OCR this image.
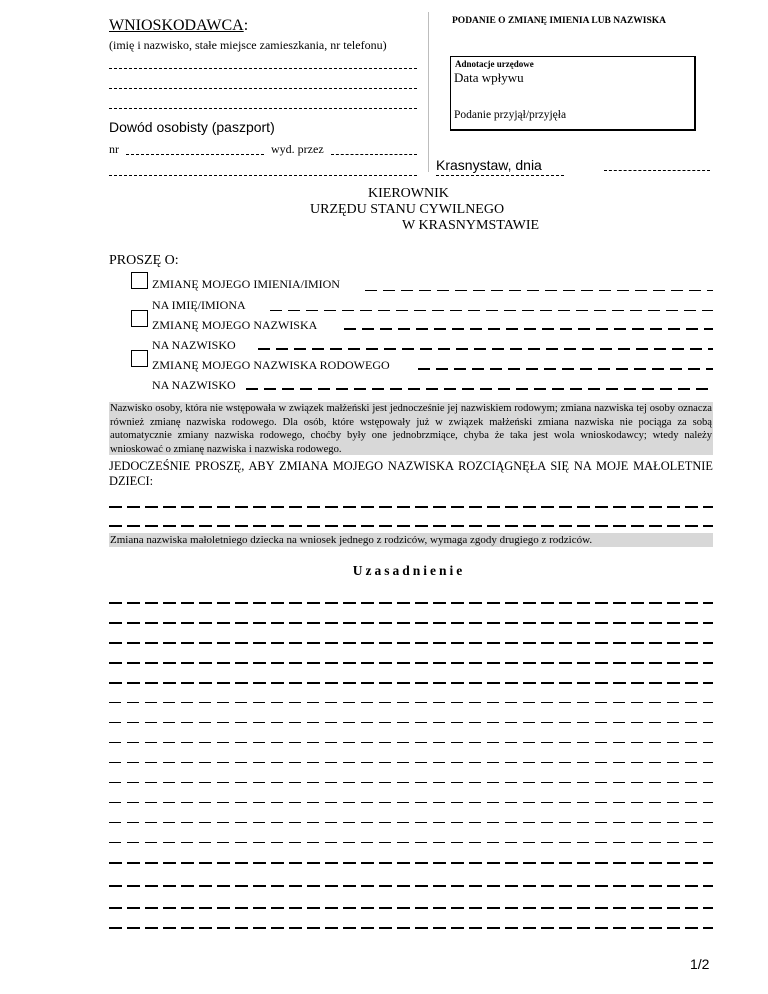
WNIOSKODAWCA:
(imię i nazwisko, stałe miejsce zamieszkania, nr telefonu)
Dowód osobisty (paszport)
nr	wyd. przez
PODANIE O ZMIANĘ IMIENIA LUB NAZWISKA
Adnotacje urzędowe
Data wpływu
Podanie przyjął/przyjęła
Krasnystaw, dnia
KIEROWNIK
URZĘDU STANU CYWILNEGO
W KRASNYMSTAWIE
PROSZĘ O:
ZMIANĘ MOJEGO IMIENIA/IMION
NA IMIĘ/IMIONA
ZMIANĘ MOJEGO NAZWISKA
NA NAZWISKO
ZMIANĘ MOJEGO NAZWISKA RODOWEGO
NA NAZWISKO
Nazwisko osoby, która nie wstępowała w związek małżeński jest jednocześnie jej nazwiskiem rodowym; zmiana nazwiska tej osoby oznacza również zmianę nazwiska rodowego. Dla osób, które wstępowały już w związek małżeński zmiana nazwiska nie pociąga za sobą automatycznie zmiany nazwiska rodowego, choćby były one jednobrzmiące, chyba że taka jest wola wnioskodawcy; wtedy należy wnioskować o zmianę nazwiska i nazwiska rodowego.
JEDOCZEŚNIE PROSZĘ, ABY ZMIANA MOJEGO NAZWISKA ROZCIĄGNĘŁA SIĘ NA MOJE MAŁOLETNIE DZIECI:
Zmiana nazwiska małoletniego dziecka na wniosek jednego z rodziców, wymaga zgody drugiego z rodziców.
Uzasadnienie
1/2
